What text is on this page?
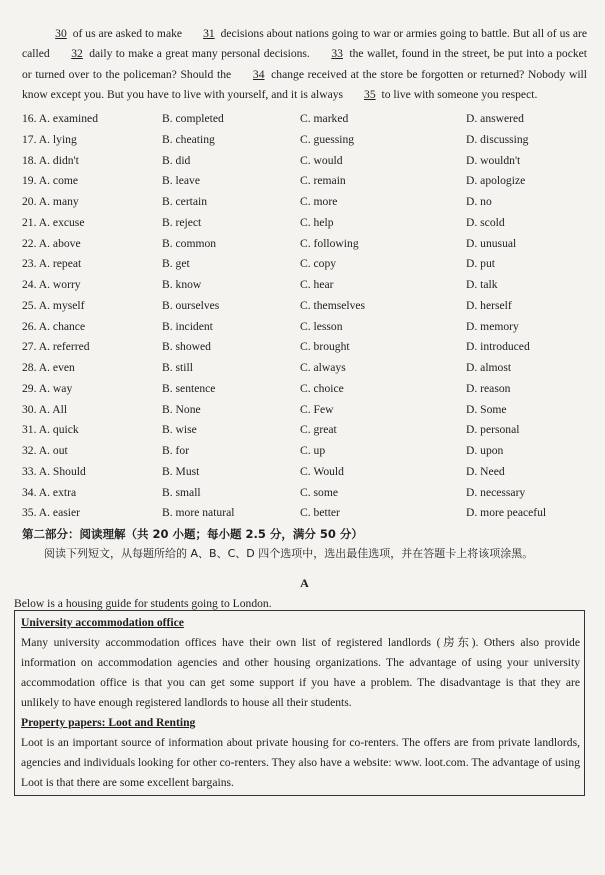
30 of us are asked to make 31 decisions about nations going to war or armies going to battle. But all of us are called 32 daily to make a great many personal decisions. 33 the wallet, found in the street, be put into a pocket or turned over to the policeman? Should the 34 change received at the store be forgotten or returned? Nobody will know except you. But you have to live with yourself, and it is always 35 to live with someone you respect.

16. A. examined	B. completed	C. marked	D. answered
17. A. lying	B. cheating	C. guessing	D. discussing
18. A. didn't	B. did	C. would	D. wouldn't
19. A. come	B. leave	C. remain	D. apologize
20. A. many	B. certain	C. more	D. no
21. A. excuse	B. reject	C. help	D. scold
22. A. above	B. common	C. following	D. unusual
23. A. repeat	B. get	C. copy	D. put
24. A. worry	B. know	C. hear	D. talk
25. A. myself	B. ourselves	C. themselves	D. herself
26. A. chance	B. incident	C. lesson	D. memory
27. A. referred	B. showed	C. brought	D. introduced
28. A. even	B. still	C. always	D. almost
29. A. way	B. sentence	C. choice	D. reason
30. A. All	B. None	C. Few	D. Some
31. A. quick	B. wise	C. great	D. personal
32. A. out	B. for	C. up	D. upon
33. A. Should	B. Must	C. Would	D. Need
34. A. extra	B. small	C. some	D. necessary
35. A. easier	B. more natural	C. better	D. more peaceful
第二部分：阅读理解（共 20 小题；每小题 2.5 分，满分 50 分）
阅读下列短文，从每题所给的 A、B、C、D 四个选项中，选出最佳选项，并在答题卡上将该项涂黑。
A
Below is a housing guide for students going to London.
University accommodation office
Many university accommodation offices have their own list of registered landlords (房东). Others also provide information on accommodation agencies and other housing organizations. The advantage of using your university accommodation office is that you can get some support if you have a problem. The disadvantage is that they are unlikely to have enough registered landlords to house all their students.
Property papers: Loot and Renting
Loot is an important source of information about private housing for co-renters. The offers are from private landlords, agencies and individuals looking for other co-renters. They also have a website: www. loot.com. The advantage of using Loot is that there are some excellent bargains.
